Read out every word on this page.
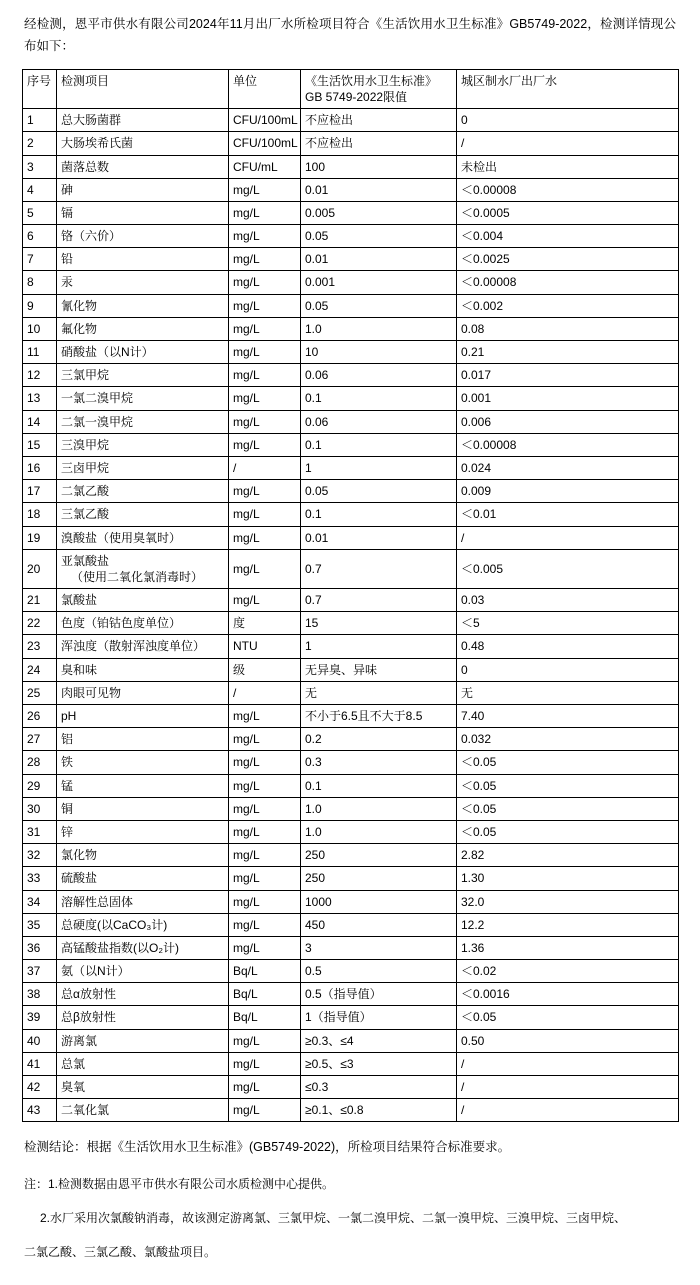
经检测，恩平市供水有限公司2024年11月出厂水所检项目符合《生活饮用水卫生标准》GB5749-2022，检测详情现公布如下：

序号	检测项目	单位	《生活饮用水卫生标准》
GB 5749-2022限值	城区制水厂出厂水
1	总大肠菌群	CFU/100mL	不应检出	0
2	大肠埃希氏菌	CFU/100mL	不应检出	/
3	菌落总数	CFU/mL	100	未检出
4	砷	mg/L	0.01	＜0.00008
5	镉	mg/L	0.005	＜0.0005
6	铬（六价）	mg/L	0.05	＜0.004
7	铅	mg/L	0.01	＜0.0025
8	汞	mg/L	0.001	＜0.00008
9	氰化物	mg/L	0.05	＜0.002
10	氟化物	mg/L	1.0	0.08
11	硝酸盐（以N计）	mg/L	10	0.21
12	三氯甲烷	mg/L	0.06	0.017
13	一氯二溴甲烷	mg/L	0.1	0.001
14	二氯一溴甲烷	mg/L	0.06	0.006
15	三溴甲烷	mg/L	0.1	＜0.00008
16	三卤甲烷	/	1	0.024
17	二氯乙酸	mg/L	0.05	0.009
18	三氯乙酸	mg/L	0.1	＜0.01
19	溴酸盐（使用臭氧时）	mg/L	0.01	/
20	亚氯酸盐
（使用二氧化氯消毒时）	mg/L	0.7	＜0.005
21	氯酸盐	mg/L	0.7	0.03
22	色度（铂钴色度单位）	度	15	＜5
23	浑浊度（散射浑浊度单位）	NTU	1	0.48
24	臭和味	级	无异臭、异味	0
25	肉眼可见物	/	无	无
26	pH	mg/L	不小于6.5且不大于8.5	7.40
27	铝	mg/L	0.2	0.032
28	铁	mg/L	0.3	＜0.05
29	锰	mg/L	0.1	＜0.05
30	铜	mg/L	1.0	＜0.05
31	锌	mg/L	1.0	＜0.05
32	氯化物	mg/L	250	2.82
33	硫酸盐	mg/L	250	1.30
34	溶解性总固体	mg/L	1000	32.0
35	总硬度(以CaCO₃计)	mg/L	450	12.2
36	高锰酸盐指数(以O₂计)	mg/L	3	1.36
37	氨（以N计）	Bq/L	0.5	＜0.02
38	总α放射性	Bq/L	0.5（指导值）	＜0.0016
39	总β放射性	Bq/L	1（指导值）	＜0.05
40	游离氯	mg/L	≥0.3、≤4	0.50
41	总氯	mg/L	≥0.5、≤3	/
42	臭氧	mg/L	≤0.3	/
43	二氧化氯	mg/L	≥0.1、≤0.8	/

检测结论：根据《生活饮用水卫生标准》(GB5749-2022)，所检项目结果符合标准要求。

注：1.检测数据由恩平市供水有限公司水质检测中心提供。

2.水厂采用次氯酸钠消毒，故该测定游离氯、三氯甲烷、一氯二溴甲烷、二氯一溴甲烷、三溴甲烷、三卤甲烷、

二氯乙酸、三氯乙酸、氯酸盐项目。
